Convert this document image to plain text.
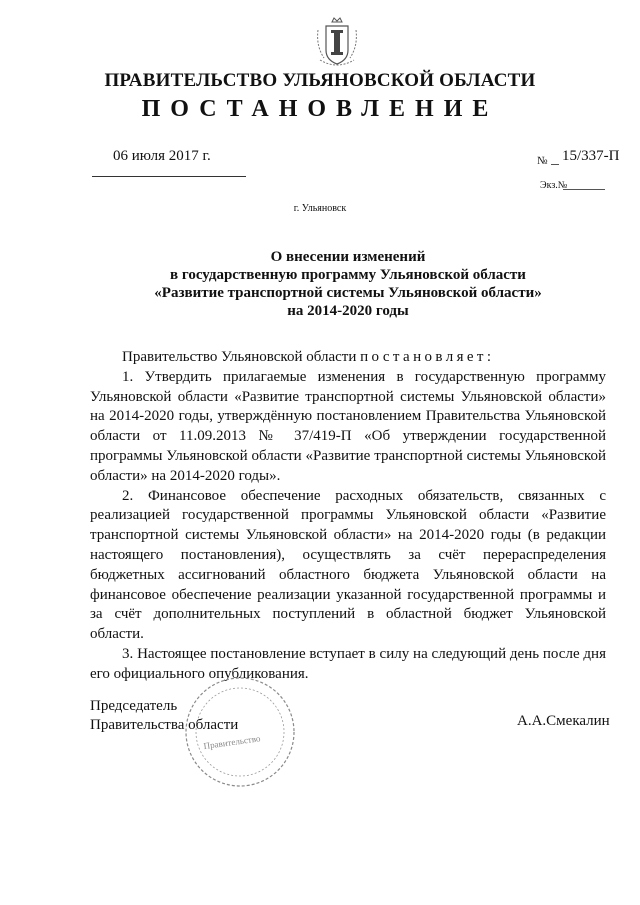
ПРАВИТЕЛЬСТВО УЛЬЯНОВСКОЙ ОБЛАСТИ
ПОСТАНОВЛЕНИЕ
06 июля 2017 г.	№ 15/337-П
Экз.№
г. Ульяновск
О внесении изменений
в государственную программу Ульяновской области
«Развитие транспортной системы Ульяновской области»
на 2014-2020 годы

Правительство Ульяновской области постановляет:

1. Утвердить прилагаемые изменения в государственную программу Ульяновской области «Развитие транспортной системы Ульяновской области» на 2014-2020 годы, утверждённую постановлением Правительства Ульяновской области от 11.09.2013 № 37/419-П «Об утверждении государственной программы Ульяновской области «Развитие транспортной системы Ульяновской области» на 2014-2020 годы».

2. Финансовое обеспечение расходных обязательств, связанных с реализацией государственной программы Ульяновской области «Развитие транспортной системы Ульяновской области» на 2014-2020 годы (в редакции настоящего постановления), осуществлять за счёт перераспределения бюджетных ассигнований областного бюджета Ульяновской области на финансовое обеспечение реализации указанной государственной программы и за счёт дополнительных поступлений в областной бюджет Ульяновской области.

3. Настоящее постановление вступает в силу на следующий день после дня его официального опубликования.

Правительство
Председатель
Правительства области	А.А.Смекалин
